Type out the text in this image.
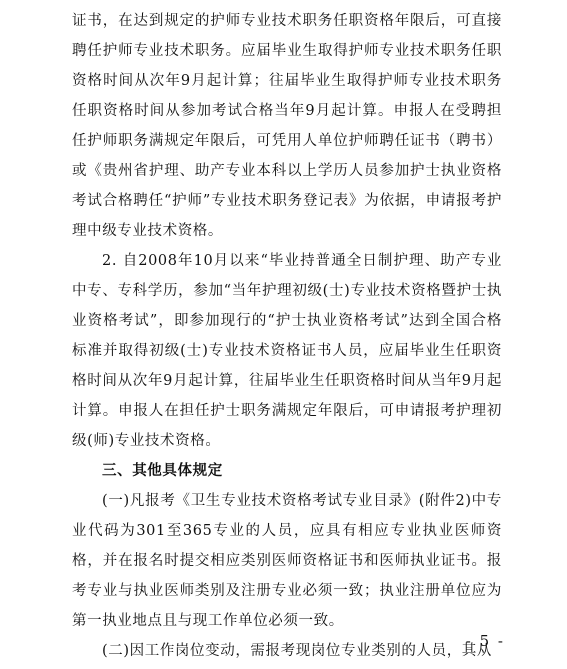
证书，在达到规定的护师专业技术职务任职资格年限后，可直接聘任护师专业技术职务。应届毕业生取得护师专业技术职务任职资格时间从次年9月起计算；往届毕业生取得护师专业技术职务任职资格时间从参加考试合格当年9月起计算。申报人在受聘担任护师职务满规定年限后，可凭用人单位护师聘任证书（聘书）或《贵州省护理、助产专业本科以上学历人员参加护士执业资格考试合格聘任“护师”专业技术职务登记表》为依据，申请报考护理中级专业技术资格。

2. 自2008年10月以来“毕业持普通全日制护理、助产专业中专、专科学历，参加“当年护理初级(士)专业技术资格暨护士执业资格考试”，即参加现行的“护士执业资格考试”达到全国合格标准并取得初级(士)专业技术资格证书人员，应届毕业生任职资格时间从次年9月起计算，往届毕业生任职资格时间从当年9月起计算。申报人在担任护士职务满规定年限后，可申请报考护理初级(师)专业技术资格。

三、其他具体规定

(一)凡报考《卫生专业技术资格考试专业目录》(附件2)中专业代码为301至365专业的人员，应具有相应专业执业医师资格，并在报名时提交相应类别医师资格证书和医师执业证书。报考专业与执业医师类别及注册专业必须一致；执业注册单位应为第一执业地点且与现工作单位必须一致。

(二)因工作岗位变动，需报考现岗位专业类别的人员，其从

- 5 -
